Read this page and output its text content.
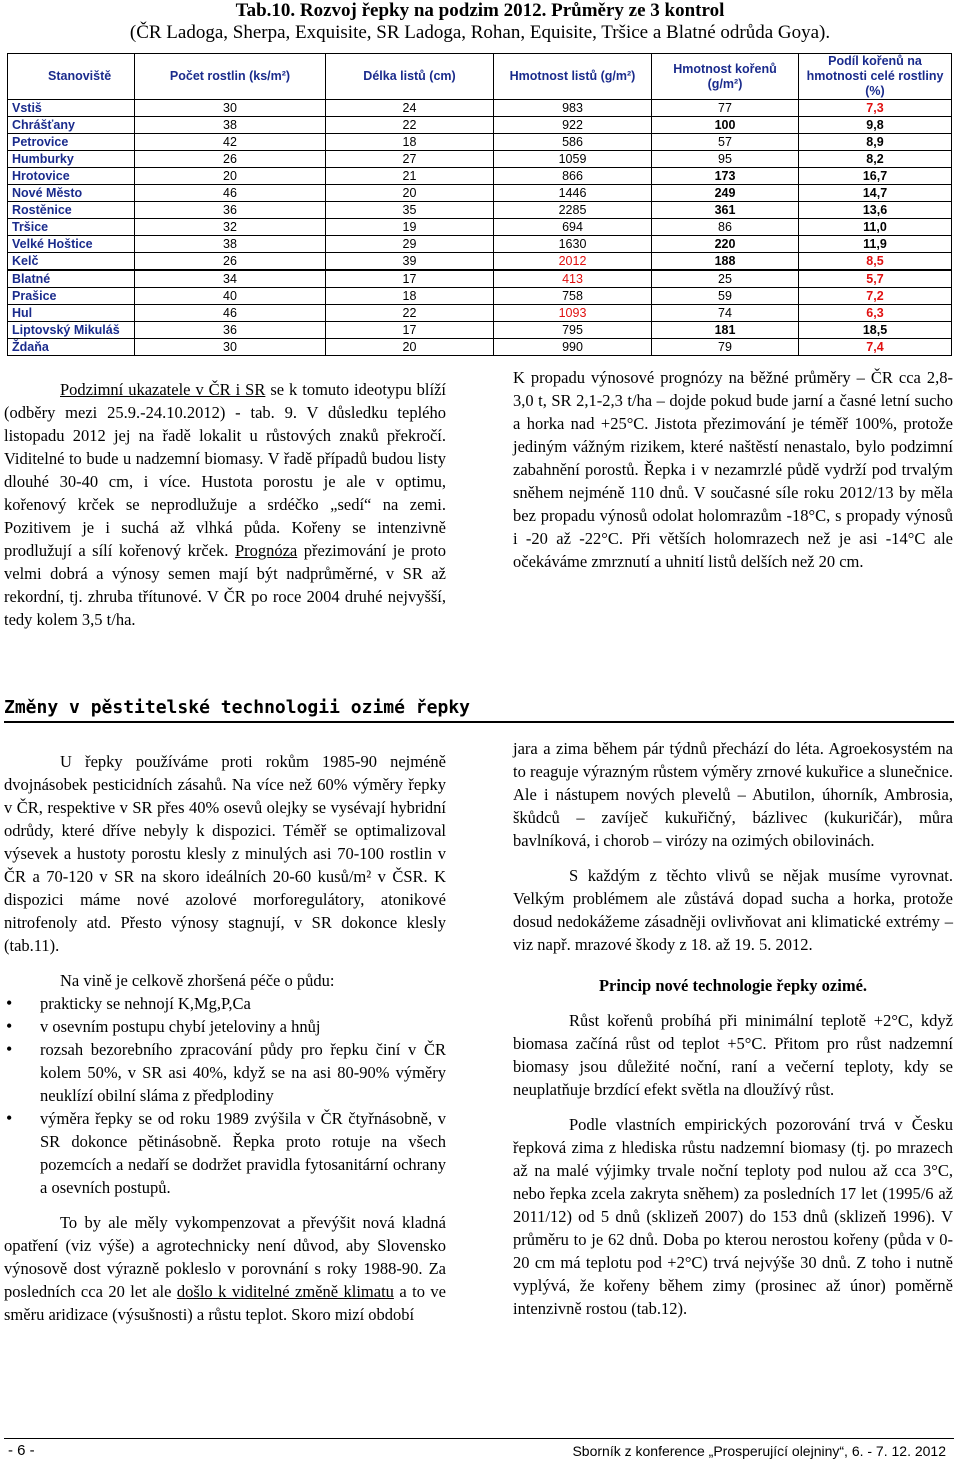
Tab.10. Rozvoj řepky na podzim 2012. Průměry ze 3 kontrol
(ČR Ladoga, Sherpa, Exquisite, SR Ladoga, Rohan, Equisite, Tršice a Blatné odrůda Goya).
Stanoviště	Počet rostlin (ks/m²)	Délka listů (cm)	Hmotnost listů (g/m²)	Hmotnost kořenů (g/m²)	Podíl kořenů na hmotnosti celé rostliny (%)
Vstiš	30	24	983	77	7,3
Chrášťany	38	22	922	100	9,8
Petrovice	42	18	586	57	8,9
Humburky	26	27	1059	95	8,2
Hrotovice	20	21	866	173	16,7
Nové Město	46	20	1446	249	14,7
Rostěnice	36	35	2285	361	13,6
Tršice	32	19	694	86	11,0
Velké Hoštice	38	29	1630	220	11,9
Kelč	26	39	2012	188	8,5
Blatné	34	17	413	25	5,7
Prašice	40	18	758	59	7,2
Hul	46	22	1093	74	6,3
Liptovský Mikuláš	36	17	795	181	18,5
Ždaňa	30	20	990	79	7,4

Podzimní ukazatele v ČR i SR se k tomuto ideotypu blíží (odběry mezi 25.9.-24.10.2012) - tab. 9. V důsledku teplého listopadu 2012 jej na řadě lokalit u růstových znaků překročí. Viditelné to bude u nadzemní biomasy. V řadě případů budou listy dlouhé 30-40 cm, i více. Hustota porostu je ale v optimu, kořenový krček se neprodlužuje a srdéčko „sedí“ na zemi. Pozitivem je i suchá až vlhká půda. Kořeny se intenzivně prodlužují a sílí kořenový krček. Prognóza přezimování je proto velmi dobrá a výnosy semen mají být nadprůměrné, v SR až rekordní, tj. zhruba třítunové. V ČR po roce 2004 druhé nejvyšší, tedy kolem 3,5 t/ha.

K propadu výnosové prognózy na běžné průměry – ČR cca 2,8-3,0 t, SR 2,1-2,3 t/ha – dojde pokud bude jarní a časné letní sucho a horka nad +25°C. Jistota přezimování je téměř 100%, protože jediným vážným rizikem, které naštěstí nenastalo, bylo podzimní zabahnění porostů. Řepka i v nezamrzlé půdě vydrží pod trvalým sněhem nejméně 110 dnů. V současné síle roku 2012/13 by měla bez propadu výnosů odolat holomrazům -18°C, s propady výnosů i -20 až -22°C. Při větších holomrazech než je asi -14°C ale očekáváme zmrznutí a uhnití listů delších než 20 cm.

Změny v pěstitelské technologii ozimé řepky

U řepky používáme proti rokům 1985-90 nejméně dvojnásobek pesticidních zásahů. Na více než 60% výměry řepky v ČR, respektive v SR přes 40% osevů olejky se vysévají hybridní odrůdy, které dříve nebyly k dispozici. Téměř se optimalizoval výsevek a hustoty porostu klesly z minulých asi 70-100 rostlin v ČR a 70-120 v SR na skoro ideálních 20-60 kusů/m² v ČSR. K dispozici máme nové azolové morforegulátory, atonikové nitrofenoly atd. Přesto výnosy stagnují, v SR dokonce klesly (tab.11).

Na vině je celkově zhoršená péče o půdu:

• prakticky se nehnojí K,Mg,P,Ca
• v osevním postupu chybí jeteloviny a hnůj
• rozsah bezorebního zpracování půdy pro řepku činí v ČR kolem 50%, v SR asi 40%, když se na asi 80-90% výměry neuklízí obilní sláma z předplodiny
• výměra řepky se od roku 1989 zvýšila v ČR čtyřnásobně, v SR dokonce pětinásobně. Řepka proto rotuje na všech pozemcích a nedaří se dodržet pravidla fytosanitární ochrany a osevních postupů.

To by ale měly vykompenzovat a převýšit nová kladná opatření (viz výše) a agrotechnicky není důvod, aby Slovensko výnosově dost výrazně pokleslo v porovnání s roky 1988-90. Za posledních cca 20 let ale došlo k viditelné změně klimatu a to ve směru aridizace (výsušnosti) a růstu teplot. Skoro mizí období

jara a zima během pár týdnů přechází do léta. Agroekosystém na to reaguje výrazným růstem výměry zrnové kukuřice a slunečnice. Ale i nástupem nových plevelů – Abutilon, úhorník, Ambrosia, škůdců – zavíječ kukuřičný, bázlivec (kukuričár), můra bavlníková, i chorob – virózy na ozimých obilovinách.

S každým z těchto vlivů se nějak musíme vyrovnat. Velkým problémem ale zůstává dopad sucha a horka, protože dosud nedokážeme zásadněji ovlivňovat ani klimatické extrémy – viz např. mrazové škody z 18. až 19. 5. 2012.

Princip nové technologie řepky ozimé.

Růst kořenů probíhá při minimální teplotě +2°C, když biomasa začíná růst od teplot +5°C. Přitom pro růst nadzemní biomasy jsou důležité noční, raní a večerní teploty, kdy se neuplatňuje brzdící efekt světla na dloužívý růst.

Podle vlastních empirických pozorování trvá v Česku řepková zima z hlediska růstu nadzemní biomasy (tj. po mrazech až na malé výjimky trvale noční teploty pod nulou až cca 3°C, nebo řepka zcela zakryta sněhem) za posledních 17 let (1995/6 až 2011/12) od 5 dnů (sklizeň 2007) do 153 dnů (sklizeň 1996). V průměru to je 62 dnů. Doba po kterou nerostou kořeny (půda v 0-20 cm má teplotu pod +2°C) trvá nejvýše 30 dnů. Z toho i nutně vyplývá, že kořeny během zimy (prosinec až únor) poměrně intenzivně rostou (tab.12).

- 6 -	Sborník z konference „Prosperující olejniny“, 6. - 7. 12. 2012
